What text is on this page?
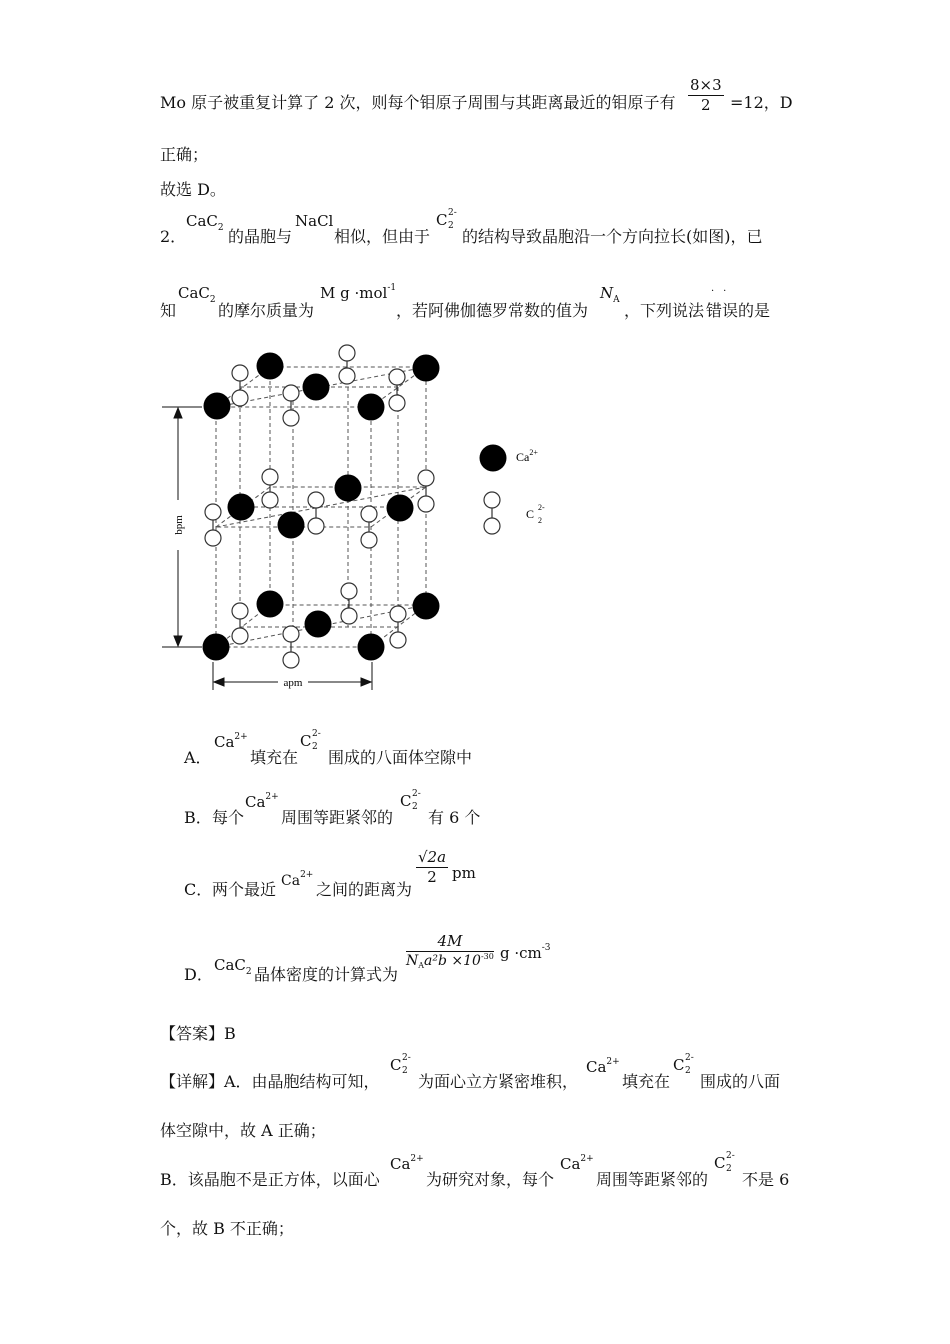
Mo 原子被重复计算了 2 次，则每个钼原子周围与其距离最近的钼原子有 $\frac{8\times 3}{2} =12$，D
正确；
故选 D。
2．
CaC$_2$ 的晶胞与
NaCl
相似，但由于
C 2-
2
的结构导致晶胞沿一个方向拉长(如图)，已
知
CaC$_2$
的摩尔质量为
M g ·mol$^{-1}$
，若阿佛伽德罗常数的值为
$N_A$
，下列说法 错误
··
的是
bpm
apm
$Ca^{2+}$
C 2-
2
A．
$Ca^{2+}$
填充在
C 2-
2
围成的八面体空隙中
B． 每个
$Ca^{2+}$
周围等距紧邻的
C 2-
2
有 6 个
C． 两个最近 $Ca^{2+}$
之间的距离为
$\frac{√2a}{2}$ pm
D． CaC$_2$ 晶体密度的计算式为
4M
$N_Aa^2b \times 10^{-30}$ $g \cdot cm^{-3}$
【答案】B
【详解】A．由晶胞结构可知，
C 2-
2
为面心立方紧密堆积，
$Ca^{2+}$
填充在
C 2-
2
围成的八面
体空隙中，故 A 正确；
B．该晶胞不是正方体，以面心
$Ca^{2+}$
为研究对象，每个
$Ca^{2+}$
周围等距紧邻的
C 2-
2
不是 6
个，故 B 不正确；
